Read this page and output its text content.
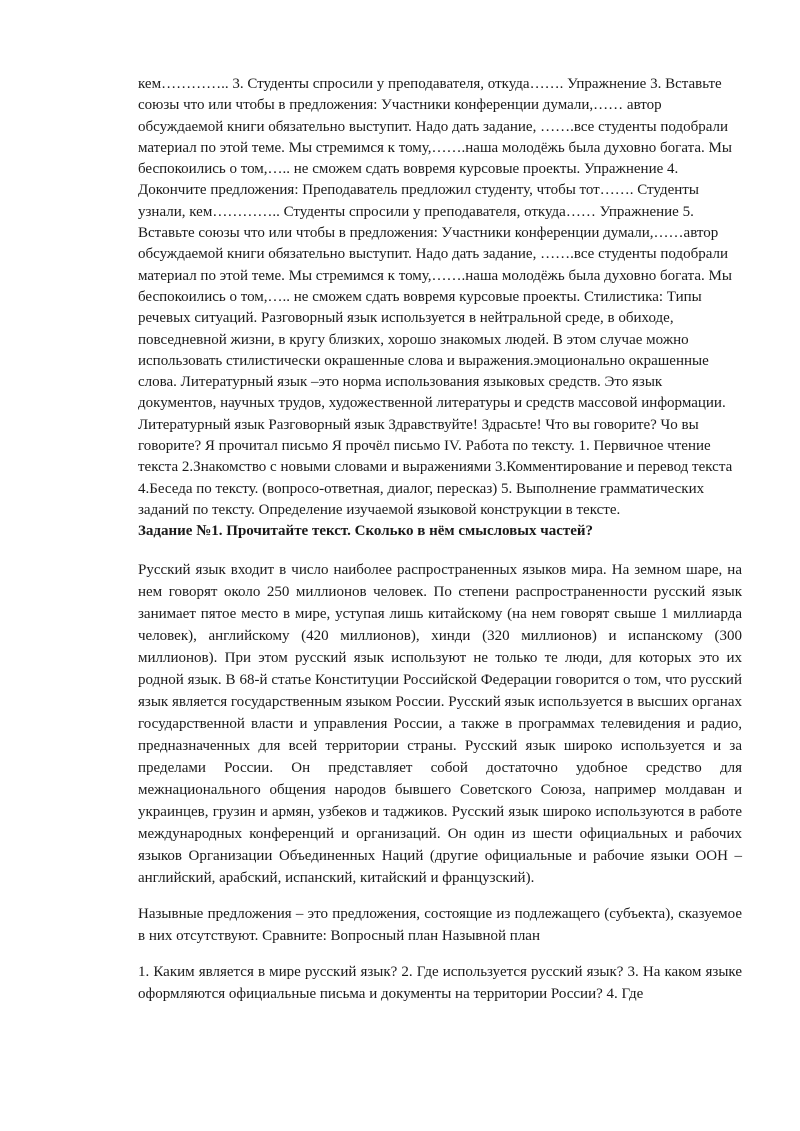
кем………….. 3. Студенты спросили у преподавателя, откуда……. Упражнение 3. Вставьте союзы что или чтобы в предложения: Участники конференции думали,…… автор обсуждаемой книги обязательно выступит. Надо дать задание, …….все студенты подобрали материал по этой теме. Мы стремимся к тому,…….наша молодёжь была духовно богата. Мы беспокоились о том,….. не сможем сдать вовремя курсовые проекты. Упражнение 4. Докончите предложения: Преподаватель предложил студенту, чтобы тот……. Студенты узнали, кем………….. Студенты спросили у преподавателя, откуда…… Упражнение 5. Вставьте союзы что или чтобы в предложения: Участники конференции думали,……автор обсуждаемой книги обязательно выступит. Надо дать задание, …….все студенты подобрали материал по этой теме. Мы стремимся к тому,…….наша молодёжь была духовно богата. Мы беспокоились о том,….. не сможем сдать вовремя курсовые проекты. Стилистика: Типы речевых ситуаций. Разговорный язык используется в нейтральной среде, в обиходе, повседневной жизни, в кругу близких, хорошо знакомых людей. В этом случае можно использовать стилистически окрашенные слова и выражения.эмоционально окрашенные слова. Литературный язык –это норма использования языковых средств. Это язык документов, научных трудов, художественной литературы и средств массовой информации. Литературный язык Разговорный язык Здравствуйте! Здрасьте! Что вы говорите? Чо вы говорите? Я прочитал письмо Я прочёл письмо IV. Работа по тексту. 1. Первичное чтение текста 2.Знакомство с новыми словами и выражениями 3.Комментирование и перевод текста 4.Беседа по тексту. (вопросо-ответная, диалог, пересказ) 5. Выполнение грамматических заданий по тексту. Определение изучаемой языковой конструкции в тексте.

Задание №1. Прочитайте текст. Сколько в нём смысловых частей?

Русский язык входит в число наиболее распространенных языков мира. На земном шаре, на нем говорят около 250 миллионов человек. По степени распространенности русский язык занимает пятое место в мире, уступая лишь китайскому (на нем говорят свыше 1 миллиарда человек), английскому (420 миллионов), хинди (320 миллионов) и испанскому (300 миллионов). При этом русский язык используют не только те люди, для которых это их родной язык. В 68-й статье Конституции Российской Федерации говорится о том, что русский язык является государственным языком России. Русский язык используется в высших органах государственной власти и управления России, а также в программах телевидения и радио, предназначенных для всей территории страны. Русский язык широко используется и за пределами России. Он представляет собой достаточно удобное средство для межнационального общения народов бывшего Советского Союза, например молдаван и украинцев, грузин и армян, узбеков и таджиков. Русский язык широко используются в работе международных конференций и организаций. Он один из шести официальных и рабочих языков Организации Объединенных Наций (другие официальные и рабочие языки ООН – английский, арабский, испанский, китайский и французский).

Назывные предложения – это предложения, состоящие из подлежащего (субъекта), сказуемое в них отсутствуют. Сравните: Вопросный план Назывной план

1. Каким является в мире русский язык? 2. Где используется русский язык? 3. На каком языке оформляются официальные письма и документы на территории России? 4. Где
